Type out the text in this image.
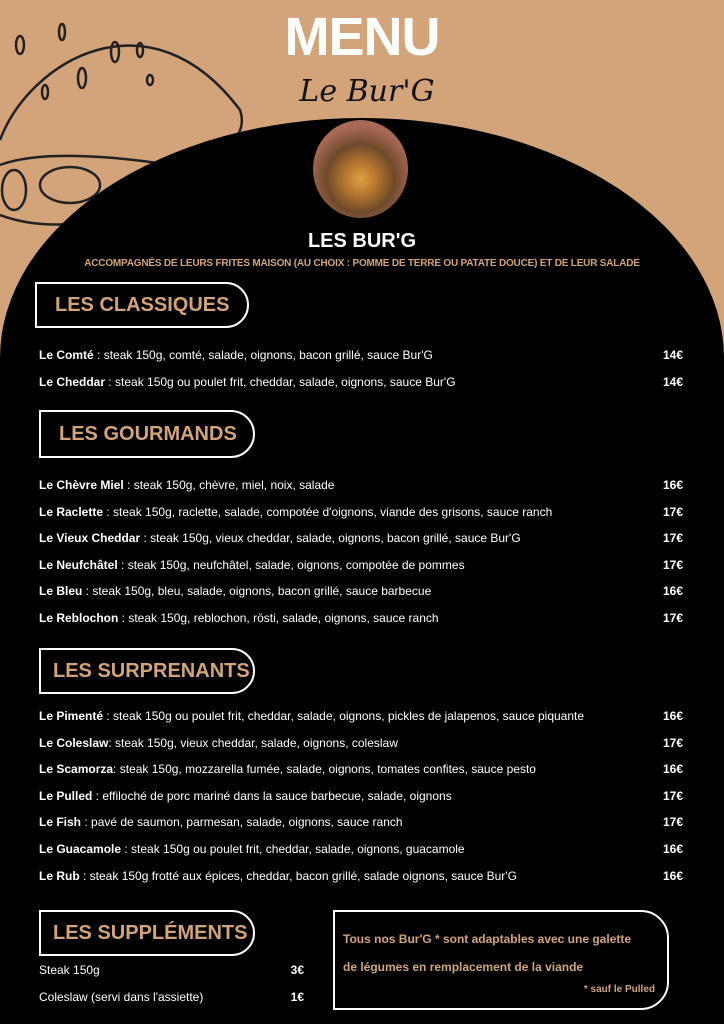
MENU
Le Bur'G
LES BUR'G
ACCOMPAGNÉS DE LEURS FRITES MAISON (AU CHOIX : POMME DE TERRE OU PATATE DOUCE) ET DE LEUR SALADE
LES CLASSIQUES
LES GOURMANDS
LES SURPRENANTS
LES SUPPLÉMENTS
Le Comté : steak 150g, comté, salade, oignons, bacon grillé, sauce Bur'G	14€
Le Cheddar : steak 150g ou poulet frit, cheddar, salade, oignons, sauce Bur'G	14€
Le Chèvre Miel : steak 150g, chèvre, miel, noix, salade	16€
Le Raclette : steak 150g, raclette, salade, compotée d'oignons, viande des grisons, sauce ranch	17€
Le Vieux Cheddar : steak 150g, vieux cheddar, salade, oignons, bacon grillé, sauce Bur'G	17€
Le Neufchâtel : steak 150g, neufchâtel, salade, oignons, compotée de pommes	17€
Le Bleu : steak 150g, bleu, salade, oignons, bacon grillé, sauce barbecue	16€
Le Reblochon : steak 150g, reblochon, rösti, salade, oignons, sauce ranch	17€
Le Pimenté : steak 150g ou poulet frit, cheddar, salade, oignons, pickles de jalapenos, sauce piquante	16€
Le Coleslaw: steak 150g, vieux cheddar, salade, oignons, coleslaw	17€
Le Scamorza: steak 150g, mozzarella fumée, salade, oignons, tomates confites, sauce pesto	16€
Le Pulled : effiloché de porc mariné dans la sauce barbecue, salade, oignons	17€
Le Fish : pavé de saumon, parmesan, salade, oignons, sauce ranch	17€
Le Guacamole : steak 150g ou poulet frit, cheddar, salade, oignons, guacamole	16€
Le Rub : steak 150g frotté aux épices, cheddar, bacon grillé, salade oignons, sauce Bur'G	16€
Steak 150g	3€
Coleslaw (servi dans l'assiette)	1€
Tous nos Bur'G * sont adaptables avec une galette
de légumes en remplacement de la viande
* sauf le Pulled
